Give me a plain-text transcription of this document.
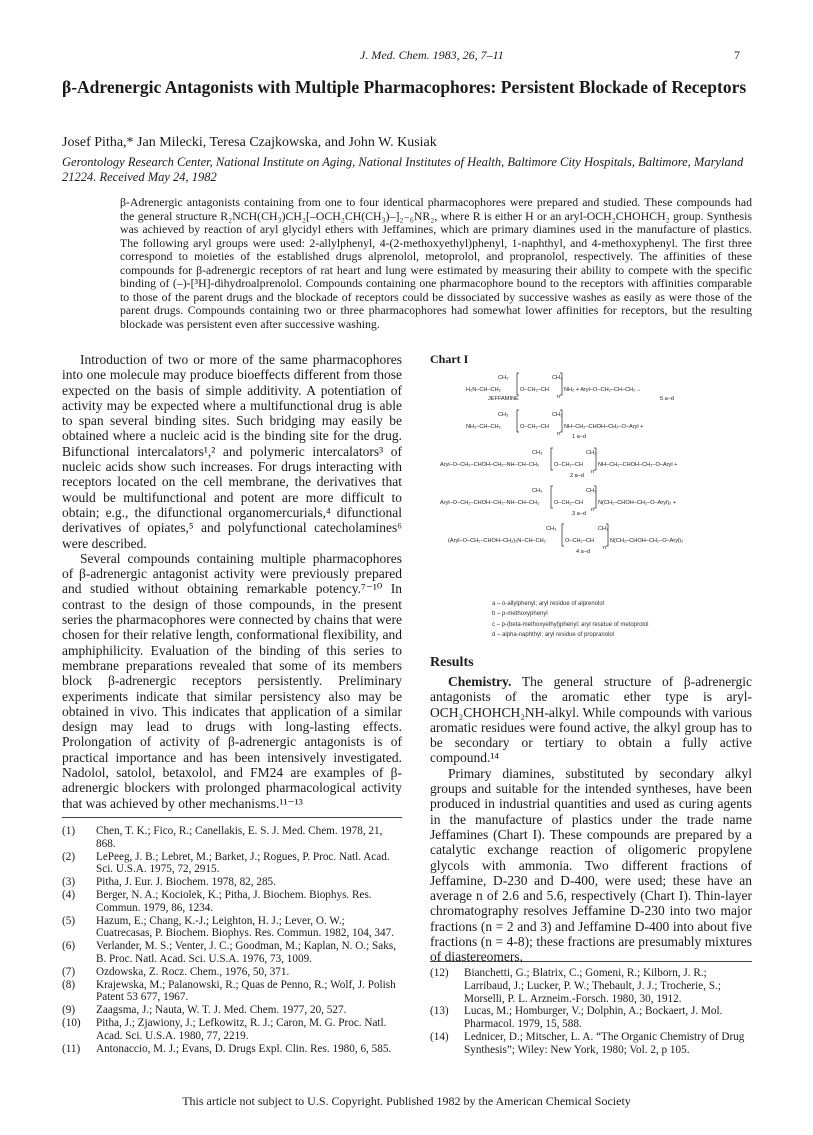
J. Med. Chem. 1983, 26, 7–11	7
β-Adrenergic Antagonists with Multiple Pharmacophores: Persistent Blockade of Receptors
Josef Pitha,* Jan Milecki, Teresa Czajkowska, and John W. Kusiak
Gerontology Research Center, National Institute on Aging, National Institutes of Health, Baltimore City Hospitals, Baltimore, Maryland 21224. Received May 24, 1982

β-Adrenergic antagonists containing from one to four identical pharmacophores were prepared and studied. These compounds had the general structure R₂NCH(CH₃)CH₂[–OCH₂CH(CH₃)–]₂₋₆NR₂, where R is either H or an aryl-OCH₂CHOHCH₂ group. Synthesis was achieved by reaction of aryl glycidyl ethers with Jeffamines, which are primary diamines used in the manufacture of plastics. The following aryl groups were used: 2-allylphenyl, 4-(2-methoxyethyl)phenyl, 1-naphthyl, and 4-methoxyphenyl. The first three correspond to moieties of the established drugs alprenolol, metoprolol, and propranolol, respectively. The affinities of these compounds for β-adrenergic receptors of rat heart and lung were estimated by measuring their ability to compete with the specific binding of (–)-[³H]-dihydroalprenolol. Compounds containing one pharmacophore bound to the receptors with affinities comparable to those of the parent drugs and the blockade of receptors could be dissociated by successive washes as easily as were those of the parent drugs. Compounds containing two or three pharmacophores had somewhat lower affinities for receptors, but the resulting blockade was persistent even after successive washing.

Introduction of two or more of the same pharmacophores into one molecule may produce bioeffects different from those expected on the basis of simple additivity. A potentiation of activity may be expected where a multifunctional drug is able to span several binding sites. Such bridging may easily be obtained where a nucleic acid is the binding site for the drug. Bifunctional intercalators¹,² and polymeric intercalators³ of nucleic acids show such increases. For drugs interacting with receptors located on the cell membrane, the derivatives that would be multifunctional and potent are more difficult to obtain; e.g., the difunctional organomercurials,⁴ difunctional derivatives of opiates,⁵ and polyfunctional catecholamines⁶ were described.

Several compounds containing multiple pharmacophores of β-adrenergic antagonist activity were previously prepared and studied without obtaining remarkable potency.⁷⁻¹⁰ In contrast to the design of those compounds, in the present series the pharmacophores were connected by chains that were chosen for their relative length, conformational flexibility, and amphiphilicity. Evaluation of the binding of this series to membrane preparations revealed that some of its members block β-adrenergic receptors persistently. Preliminary experiments indicate that similar persistency also may be obtained in vivo. This indicates that application of a similar design may lead to drugs with long-lasting effects. Prolongation of activity of β-adrenergic antagonists is of practical importance and has been intensively investigated. Nadolol, satolol, betaxolol, and FM24 are examples of β-adrenergic blockers with prolonged pharmacological activity that was achieved by other mechanisms.¹¹⁻¹³

(1) Chen, T. K.; Fico, R.; Canellakis, E. S. J. Med. Chem. 1978, 21, 868.
(2) LePeeg, J. B.; Lebret, M.; Barket, J.; Rogues, P. Proc. Natl. Acad. Sci. U.S.A. 1975, 72, 2915.
(3) Pitha, J. Eur. J. Biochem. 1978, 82, 285.
(4) Berger, N. A.; Kociolek, K.; Pitha, J. Biochem. Biophys. Res. Commun. 1979, 86, 1234.
(5) Hazum, E.; Chang, K.-J.; Leighton, H. J.; Lever, O. W.; Cuatrecasas, P. Biochem. Biophys. Res. Commun. 1982, 104, 347.
(6) Verlander, M. S.; Venter, J. C.; Goodman, M.; Kaplan, N. O.; Saks, B. Proc. Natl. Acad. Sci. U.S.A. 1976, 73, 1009.
(7) Ozdowska, Z. Rocz. Chem., 1976, 50, 371.
(8) Krajewska, M.; Palanowski, R.; Quas de Penno, R.; Wolf, J. Polish Patent 53 677, 1967.
(9) Zaagsma, J.; Nauta, W. T. J. Med. Chem. 1977, 20, 527.
(10) Pitha, J.; Zjawiony, J.; Lefkowitz, R. J.; Caron, M. G. Proc. Natl. Acad. Sci. U.S.A. 1980, 77, 2219.
(11) Antonaccio, M. J.; Evans, D. Drugs Expl. Clin. Res. 1980, 6, 585.
Chart I
CH₃	CH₃
H₂N–CH–CH₂	O–CH₂–CH	NH₂ + Aryl–O–CH₂–CH–CH₂→
JEFFAMINE	n	5 a–d
CH₃	CH₃
NH₂–CH–CH₂	O–CH₂–CH	NH–CH₂–CHOH–CH₂–O–Aryl +
n 1 a–d
CH₃	CH₃
Aryl–O–CH₂–CHOH–CH₂–NH–CH–CH₂	O–CH₂–CH	NH–CH₂–CHOH–CH₂–O–Aryl +
n
2 a–d
CH₃	CH₃
Aryl–O–CH₂–CHOH–CH₂–NH–CH–CH₂	O–CH₂–CH	N(CH₂–CHOH–CH₂–O–Aryl)₂ +
n
3 a–d
CH₃	CH₃
(Aryl–O–CH₂–CHOH–CH₂)₂N–CH–CH₂	O–CH₂–CH	N(CH₂–CHOH–CH₂–O–Aryl)₂
n
4 a–d
a – o-allylphenyl; aryl residue of alprenolol
b – p-methoxyphenyl
c – p-(beta-methoxyethyl)phenyl; aryl residue of metoprolol
d – alpha-naphthyl; aryl residue of propranolol
Results

Chemistry. The general structure of β-adrenergic antagonists of the aromatic ether type is aryl-OCH₂CHOHCH₂NH-alkyl. While compounds with various aromatic residues were found active, the alkyl group has to be secondary or tertiary to obtain a fully active compound.¹⁴

Primary diamines, substituted by secondary alkyl groups and suitable for the intended syntheses, have been produced in industrial quantities and used as curing agents in the manufacture of plastics under the trade name Jeffamines (Chart I). These compounds are prepared by a catalytic exchange reaction of oligomeric propylene glycols with ammonia. Two different fractions of Jeffamine, D-230 and D-400, were used; these have an average n of 2.6 and 5.6, respectively (Chart I). Thin-layer chromatography resolves Jeffamine D-230 into two major fractions (n = 2 and 3) and Jeffamine D-400 into about five fractions (n = 4-8); these fractions are presumably mixtures of diastereomers.

(12) Bianchetti, G.; Blatrix, C.; Gomeni, R.; Kilborn, J. R.; Larribaud, J.; Lucker, P. W.; Thebault, J. J.; Trocherie, S.; Morselli, P. L. Arzneim.-Forsch. 1980, 30, 1912.
(13) Lucas, M.; Homburger, V.; Dolphin, A.; Bockaert, J. Mol. Pharmacol. 1979, 15, 588.
(14) Lednicer, D.; Mitscher, L. A. “The Organic Chemistry of Drug Synthesis”; Wiley: New York, 1980; Vol. 2, p 105.
This article not subject to U.S. Copyright. Published 1982 by the American Chemical Society
